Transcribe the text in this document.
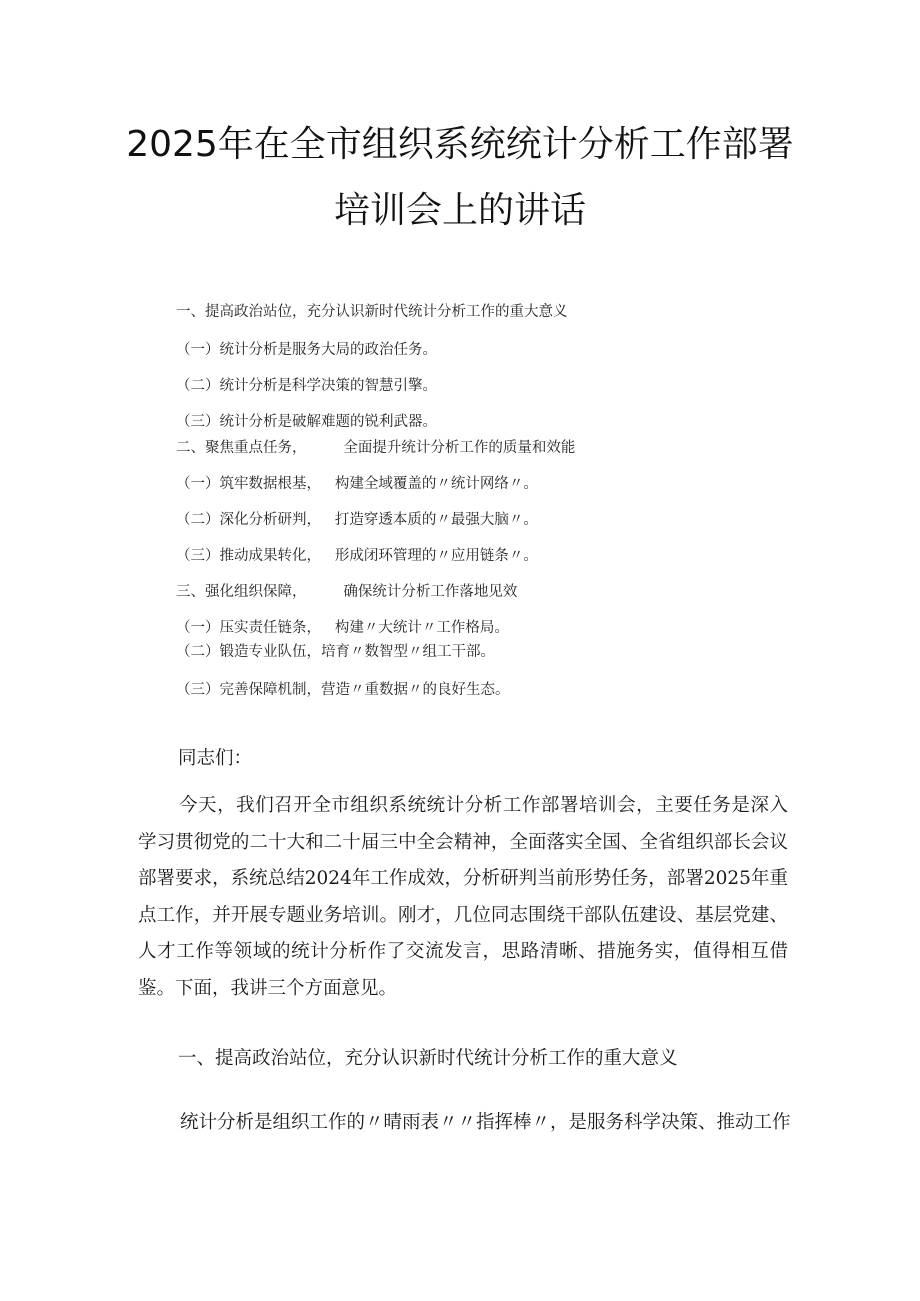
2025年在全市组织系统统计分析工作部署
培训会上的讲话
一、提高政治站位，充分认识新时代统计分析工作的重大意义
（一）统计分析是服务大局的政治任务。
（二）统计分析是科学决策的智慧引擎。
（三）统计分析是破解难题的锐利武器。
二、聚焦重点任务，        全面提升统计分析工作的质量和效能
（一）筑牢数据根基，   构建全域覆盖的〃统计网络〃。
（二）深化分析研判，   打造穿透本质的〃最强大脑〃。
（三）推动成果转化，   形成闭环管理的〃应用链条〃。
三、强化组织保障，        确保统计分析工作落地见效
（一）压实责任链条，   构建〃大统计〃工作格局。
（二）锻造专业队伍，培育〃数智型〃组工干部。
（三）完善保障机制，营造〃重数据〃的良好生态。
同志们：

今天，我们召开全市组织系统统计分析工作部署培训会，主要任务是深入学习贯彻党的二十大和二十届三中全会精神，全面落实全国、全省组织部长会议部署要求，系统总结2024年工作成效，分析研判当前形势任务，部署2025年重点工作，并开展专题业务培训。刚才，几位同志围绕干部队伍建设、基层党建、人才工作等领域的统计分析作了交流发言，思路清晰、措施务实，值得相互借鉴。下面，我讲三个方面意见。

一、提高政治站位，充分认识新时代统计分析工作的重大意义
统计分析是组织工作的〃晴雨表〃〃指挥棒〃，是服务科学决策、推动工作
